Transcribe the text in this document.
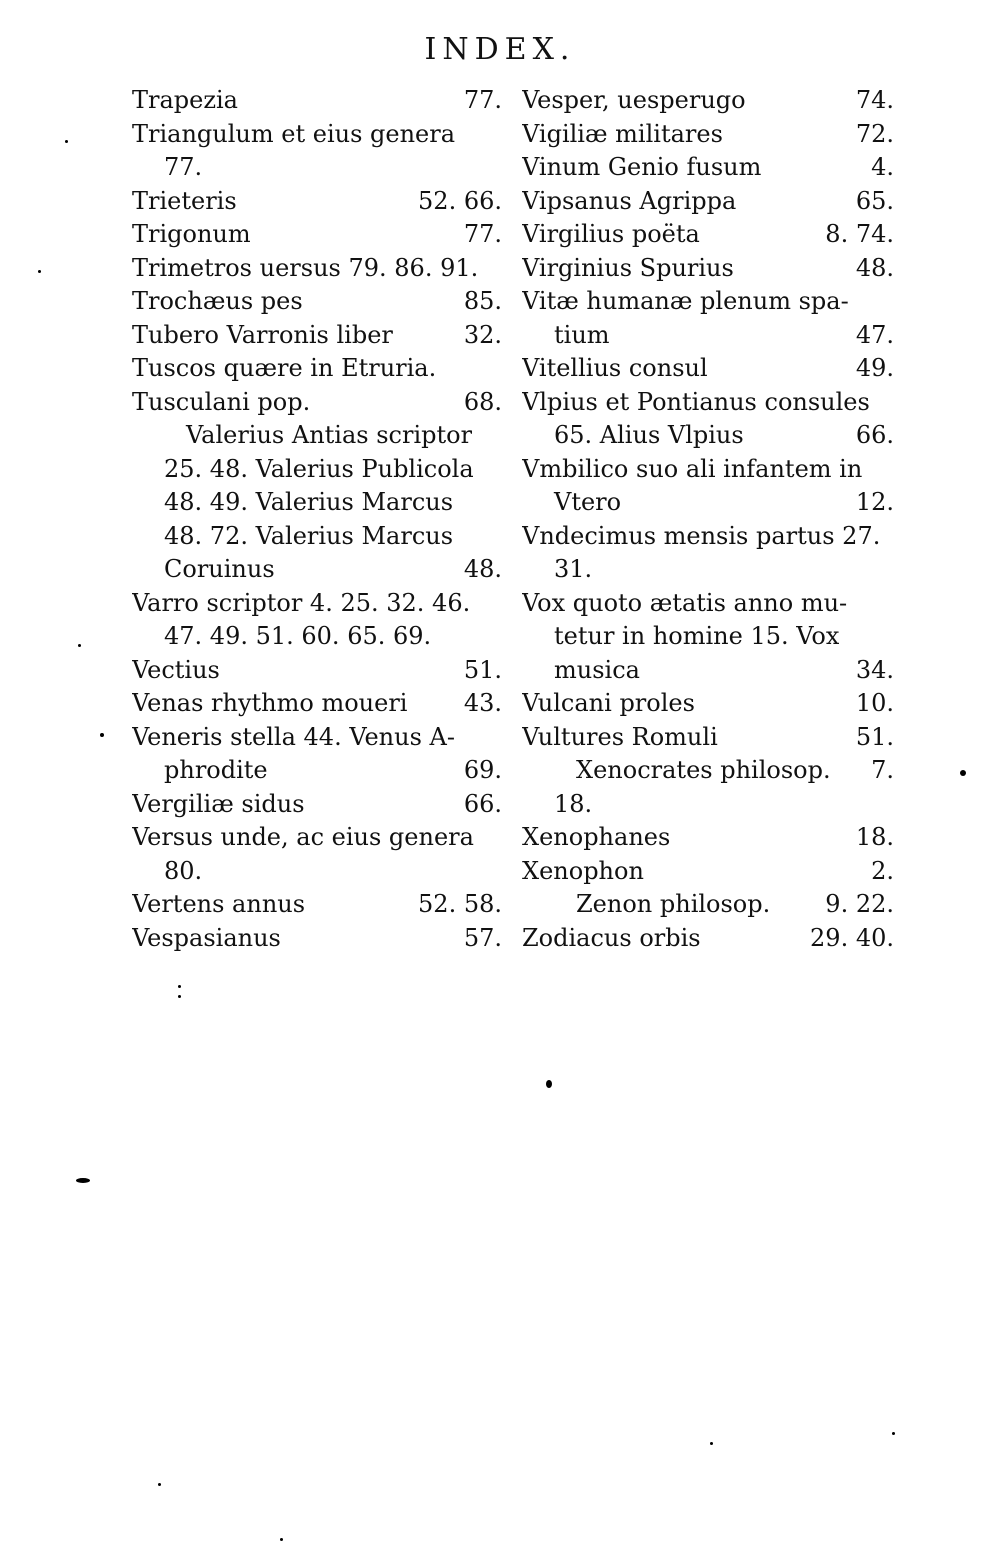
INDEX.
Trapezia	77.
Triangulum et eius genera
77.
Trieteris	52. 66.
Trigonum	77.
Trimetros uersus 79. 86. 91.
Trochæus pes	85.
Tubero Varronis liber	32.
Tuscos quære in Etruria.
Tusculani pop.	68.
Valerius Antias scriptor
25. 48. Valerius Publicola
48. 49. Valerius Marcus
48. 72. Valerius Marcus
Coruinus	48.
Varro scriptor 4. 25. 32. 46.
47. 49. 51. 60. 65. 69.
Vectius	51.
Venas rhythmo moueri 43.
Veneris stella 44. Venus A-
phrodite	69.
Vergiliæ sidus	66.
Versus unde, ac eius genera
80.
Vertens annus	52. 58.
Vespasianus	57.
Vesper, uesperugo	74.
Vigiliæ militares	72.
Vinum Genio fusum	4.
Vipsanus Agrippa	65.
Virgilius poëta	8. 74.
Virginius Spurius	48.
Vitæ humanæ plenum spa-
tium	47.
Vitellius consul	49.
Vlpius et Pontianus consules
65. Alius Vlpius	66.
Vmbilico suo ali infantem in
Vtero	12.
Vndecimus mensis partus 27.
31.
Vox quoto ætatis anno mu-
tetur in homine 15. Vox
musica	34.
Vulcani proles	10.
Vultures Romuli	51.
Xenocrates philosop. 7.
18.
Xenophanes	18.
Xenophon	2.
Zenon philosop. 9. 22.
Zodiacus orbis	29. 40.
